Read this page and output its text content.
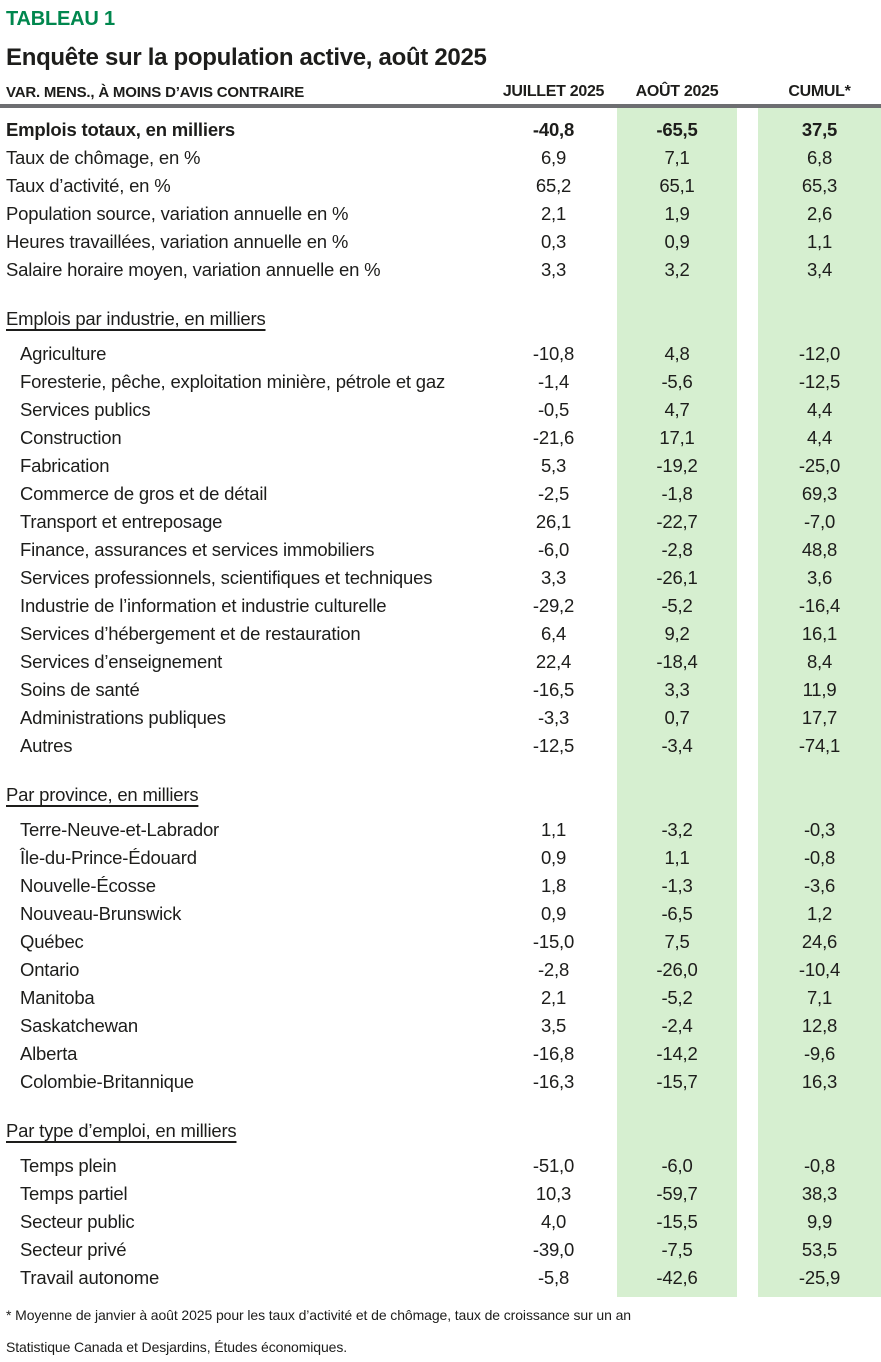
TABLEAU 1
Enquête sur la population active, août 2025
VAR. MENS., À MOINS D’AVIS CONTRAIRE	JUILLET 2025	AOÛT 2025	CUMUL*
Emplois totaux, en milliers	-40,8	-65,5	37,5
Taux de chômage, en %	6,9	7,1	6,8
Taux d’activité, en %	65,2	65,1	65,3
Population source, variation annuelle en %	2,1	1,9	2,6
Heures travaillées, variation annuelle en %	0,3	0,9	1,1
Salaire horaire moyen, variation annuelle en %	3,3	3,2	3,4
Emplois par industrie, en milliers
Agriculture	-10,8	4,8	-12,0
Foresterie, pêche, exploitation minière, pétrole et gaz	-1,4	-5,6	-12,5
Services publics	-0,5	4,7	4,4
Construction	-21,6	17,1	4,4
Fabrication	5,3	-19,2	-25,0
Commerce de gros et de détail	-2,5	-1,8	69,3
Transport et entreposage	26,1	-22,7	-7,0
Finance, assurances et services immobiliers	-6,0	-2,8	48,8
Services professionnels, scientifiques et techniques	3,3	-26,1	3,6
Industrie de l’information et industrie culturelle	-29,2	-5,2	-16,4
Services d’hébergement et de restauration	6,4	9,2	16,1
Services d’enseignement	22,4	-18,4	8,4
Soins de santé	-16,5	3,3	11,9
Administrations publiques	-3,3	0,7	17,7
Autres	-12,5	-3,4	-74,1
Par province, en milliers
Terre-Neuve-et-Labrador	1,1	-3,2	-0,3
Île-du-Prince-Édouard	0,9	1,1	-0,8
Nouvelle-Écosse	1,8	-1,3	-3,6
Nouveau-Brunswick	0,9	-6,5	1,2
Québec	-15,0	7,5	24,6
Ontario	-2,8	-26,0	-10,4
Manitoba	2,1	-5,2	7,1
Saskatchewan	3,5	-2,4	12,8
Alberta	-16,8	-14,2	-9,6
Colombie-Britannique	-16,3	-15,7	16,3
Par type d’emploi, en milliers
Temps plein	-51,0	-6,0	-0,8
Temps partiel	10,3	-59,7	38,3
Secteur public	4,0	-15,5	9,9
Secteur privé	-39,0	-7,5	53,5
Travail autonome	-5,8	-42,6	-25,9
* Moyenne de janvier à août 2025 pour les taux d’activité et de chômage, taux de croissance sur un an
Statistique Canada et Desjardins, Études économiques.
